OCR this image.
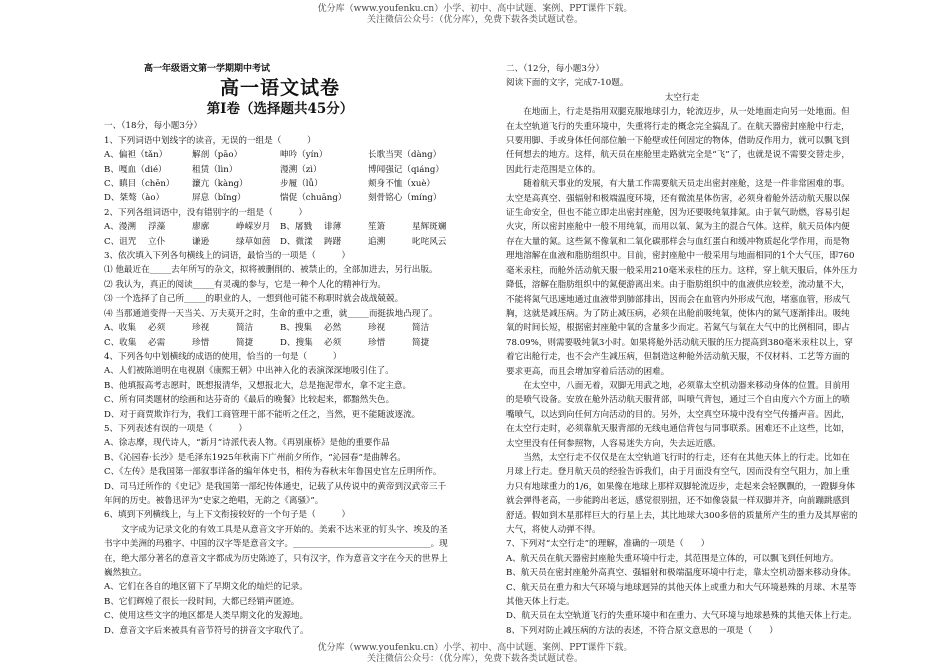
优分库（www.youfenku.cn）小学、初中、高中试题、案例、PPT课件下载。
关注微信公众号：（优分库），免费下载各类试题试卷。
高一年级语文第一学期期中考试
高一语文试卷
第Ⅰ卷（选择题共45分）
一、（18分，每小题3分）
1、下列词语中划线字的读音，无误的一组是（　　　）
A、偏袒（tǎn）	解剖（pāo）	呻吟（yín）	长歌当哭（dàng）
B、嘎血（dié）	租赁（lìn）	漫溯（zì）	博闻强记（qiáng）
C、瞋目（chēn）	濂亢（kàng）	步履（lǚ）	颊身不恤（xuè）
D、桀骜（ào）	屏息（bǐng）	惴促（chuāng）	刻骨铭心（míng）
2、下列各组词语中，没有错别字的一组是（　　　）
A、漫溯	浮藻	廖廓	峥嵘岁月	B、屠戮	诽薄	笙箫	星辉斑斓
C、诅咒	立仆	谦逊	绿草如茵	D、微漾	踌躇	追溯	叱咤风云
3、依次填入下列各句横线上的词语，最恰当的一项是（　　　）
⑴ 他最近在_____去年所写的杂文，拟将被删削的、被禁止的，全部加进去，另行出版。
⑵ 我认为，真正的阅读_____有灵魂的参与，它是一种个人化的精神行为。
⑶ 一个选择了自己所_____的职业的人，一想到他可能不称职时就会战战兢兢。
⑷ 当那通道变得一天当关、万夫莫开之时，生命的重中之重，就_____而挺拔地凸现了。
A、收集	必须	珍视	简洁	B、搜集	必然	珍视	简洁
C、收集	必需	珍惜	简捷	D、搜集	必须	珍惜	简捷
4、下列各句中划横线的成语的使用，恰当的一句是（　　　）
A、人们被陈道明在电视剧《康熙王朝》中出神入化的表演深深地吸引住了。
B、他填报高考志愿时，既想报清华，又想报北大，总是拖泥带水，拿不定主意。
C、所有同类题材的绘画和达芬奇的《最后的晚餐》比较起来，都黯然失色。
D、对于商贾欺诈行为，我们工商管理干部不能听之任之，当然，更不能随波逐流。
5、下列表述有误的一项是（　　　）
A、徐志摩，现代诗人，“新月”诗派代表人物。《再别康桥》是他的重要作品
B、《沁园春·长沙》是毛泽东1925年秋南下广州前夕所作，“沁园春”是曲牌名。
C、《左传》是我国第一部叙事详备的编年体史书，相传为春秋末年鲁国史官左丘明所作。
D、司马迁所作的《史记》是我国第一部纪传体通史，记载了从传说中的黄帝到汉武帝三千
年间的历史。被鲁迅评为“史家之绝唱，无韵之《离骚》”。
6、填到下列横线上，与上下文衔接较好的一个句子是（　　　）
文字成为记录文化的有效工具是从意音文字开始的。美索不达米亚的钉头字、埃及的圣书字中美洲的玛雅字、中国的汉字等是意音文字。________________________________。现在，绝大部分著名的意音文字都成为历史陈迹了，只有汉字，作为意音文字在今天的世界上巍然独立。
A、它们在各自的地区留下了早期文化的灿烂的记录。
B、它们辉煌了很长一段时间，大都已经销声匿迹。
C、使用这些文字的地区都是人类早期文化的发源地。
D、意音文字后来被具有音节符号的拼音文字取代了。
二、（12分，每小题3分）
阅读下面的文字，完成7-10题。
太空行走
在地面上，行走是指用双腿克服地球引力，轮流迈步，从一处地面走向另一处地面。但在太空轨道飞行的失重环境中，失重将行走的概念完全搞乱了。在航天器密封座舱中行走，只要用脚、手或身体任何部位触一下舱壁或任何固定的物体，借助反作用力，就可以飘飞到任何想去的地方。这样，航天员在座舱里走路就完全是“飞”了，也就是说不需要交替走步，因此行走范围是立体的。
随着航天事业的发展，有大量工作需要航天员走出密封座舱，这是一件非常困难的事。太空是高真空、强辐射和极端温度环境，还有微流星体伤害，必须身着舱外活动航天服以保证生命安全，但也不能立即走出密封座舱，因为还要吸纯氧排氮。由于氧气助燃，容易引起火灾，所以密封座舱中一般不用纯氧，而用以氧、氮为主的混合气体。这样，航天员体内便存在大量的氮。这些氮不像氧和二氧化碳那样会与血红蛋白和缓冲物质起化学作用，而是物理地溶解在血液和脂肪组织中。目前，密封座舱中一般采用与地面相同的1个大气压，即760毫米汞柱，而舱外活动航天服一般采用210毫米汞柱的压力。这样，穿上航天服后，体外压力降低，溶解在脂肪组织中的氮便游离出来。由于脂肪组织中的血液供应较差，流动量不大，不能将氮气迅速地通过血液带到肺部排出，因而会在血管内外形成气泡，堵塞血管，形成气胸，这就是减压病。为了防止减压病，必须在出舱前吸纯氧，使体内的氮气逐渐排出。吸纯氧的时间长短，根据密封座舱中氧的含量多少而定。若氮气与氧在大气中的比例相同，即占78.09%，则需要吸纯氧3小时。如果将舱外活动航天服的压力提高到380毫米汞柱以上，穿着它出舱行走，也不会产生减压病，但制造这种舱外活动航天服，不仅材料、工艺等方面的要求更高，而且会增加穿着后活动的困难。
在太空中，八面无着，双脚无用武之地，必须靠太空机动器来移动身体的位置。目前用的是喷气设备。安放在舱外活动航天服背部，叫喷气背包，通过三个自由度六个方面上的喷嘴喷气，以达到向任何方向活动的目的。另外，太空真空环境中没有空气传播声音。因此，在太空行走时，必须靠航天服背部的无线电通信背包与同事联系。困难还不止这些，比如，太空里没有任何参照物，人容易迷失方向，失去远近感。
当然，太空行走不仅仅是在太空轨道飞行时的行走，还有在其他天体上的行走。比如在月球上行走。登月航天员的经验告诉我们，由于月面没有空气，因而没有空气阻力，加上重力只有地球重力的1/6，如果像在地球上那样双脚轮流迈步，走起来会轻飘飘的，一蹬脚身体就会弹得老高，一步能跨出老远，感觉很别扭，还不如像袋鼠一样双脚并齐，向前蹦跳感到舒适。假如到木星那样巨大的行星上去，其比地球大300多倍的质量所产生的重力及其厚密的大气，将使人动弹不得。
7、下列对“太空行走”的理解，准确的一项是（　　）
A、航天员在航天器密封座舱失重环境中行走，其范围是立体的，可以飘飞到任何地方。
B、航天员在密封座舱外高真空、强辐射和极端温度环境中行走，靠太空机动器来移动身体。
C、航天员在重力和大气环境与地球迥异的其他天体上或重力和大气环境悬殊的月球、木星等其他天体上行走。
D、航天员在太空轨道飞行的失重环境中和在重力、大气环境与地球悬殊的其他天体上行走。
8、下列对防止减压病的方法的表述，不符合原文意思的一项是（　　）
优分库（www.youfenku.cn）小学、初中、高中试题、案例、PPT课件下载。
关注微信公众号：（优分库），免费下载各类试题试卷。
